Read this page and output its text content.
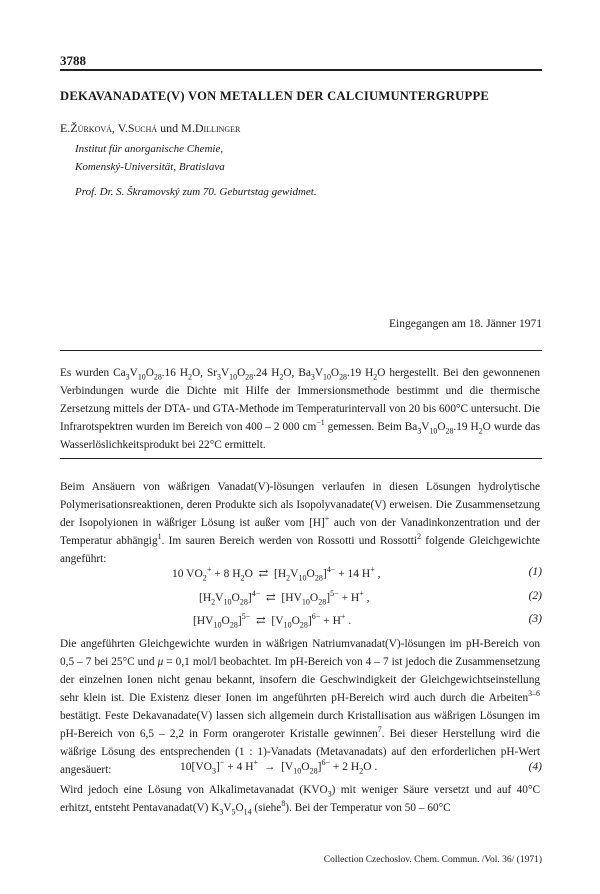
3788
DEKAVANADATE(V) VON METALLEN DER CALCIUMUNTERGRUPPE
E.Žúrková, V.Suchá und M.Dillinger
Institut für anorganische Chemie,
Komenský-Universität, Bratislava
Prof. Dr. S. Škramovský zum 70. Geburtstag gewidmet.
Eingegangen am 18. Jänner 1971

Es wurden $Ca_3V_{10}O_{28}.16$ $H_2O$, $Sr_3V_{10}O_{28}.24$ $H_2O$, $Ba_3V_{10}O_{28}.19$ $H_2O$ hergestellt. Bei den gewonnenen Verbindungen wurde die Dichte mit Hilfe der Immersionsmethode bestimmt und die thermische Zersetzung mittels der DTA- und GTA-Methode im Temperaturintervall von 20 bis 600°C untersucht. Die Infrarotspektren wurden im Bereich von 400 – 2 000 $cm^{-1}$ gemessen. Beim $Ba_3V_{10}O_{28}.19$ $H_2O$ wurde das Wasserlöslichkeitsprodukt bei 22°C ermittelt.

Beim Ansäuern von wäßrigen Vanadat(V)-lösungen verlaufen in diesen Lösungen hydrolytische Polymerisationsreaktionen, deren Produkte sich als Isopolyvanadate(V) erweisen. Die Zusammensetzung der Isopolyionen in wäßriger Lösung ist außer vom [H]+ auch von der Vanadinkonzentration und der Temperatur abhängig$^1$. Im sauren Bereich werden von Rossotti und Rossotti$^2$ folgende Gleichgewichte angeführt:

10 $VO_2^+ + 8$ $H_2O$  ⇄  $[H_2V_{10}O_{28}]^{4-} + 14$ H+ ,	(1)
$[H_2V_{10}O_{28}]^{4-}$  ⇄  $[HV_{10}O_{28}]^{5-} + H^+$ ,	(2)
$[HV_{10}O_{28}]^{5-}$  ⇄  $[V_{10}O_{28}]^{6-} + H^+$ .	(3)

Die angeführten Gleichgewichte wurden in wäßrigen Natriumvanadat(V)-lösungen im pH-Bereich von 0,5 – 7 bei 25°C und μ = 0,1 mol/l beobachtet. Im pH-Bereich von 4 – 7 ist jedoch die Zusammensetzung der einzelnen Ionen nicht genau bekannt, insofern die Geschwindigkeit der Gleichgewichtseinstellung sehr klein ist. Die Existenz dieser Ionen im angeführten pH-Bereich wird auch durch die Arbeiten$^{3-6}$ bestätigt. Feste Dekavanadate(V) lassen sich allgemein durch Kristallisation aus wäßrigen Lösungen im pH-Bereich von 6,5 – 2,2 in Form orangeroter Kristalle gewinnen$^7$. Bei dieser Herstellung wird die wäßrige Lösung des entsprechenden (1 : 1)-Vanadats (Metavanadats) auf den erforderlichen pH-Wert angesäuert:	$10[VO_3]^- + 4$ $H^+ \to [V_{10}O_{28}]^{6-} + 2$ $H_2O$ .	(4)

Wird jedoch eine Lösung von Alkalimetavanadat $(KVO_3)$ mit weniger Säure versetzt und auf 40°C erhitzt, entsteht Pentavanadat(V) $K_3V_5O_{14}$ (siehe$^8$). Bei der Temperatur von 50 – 60°C

Collection Czechoslov. Chem. Commun. /Vol. 36/ (1971)
